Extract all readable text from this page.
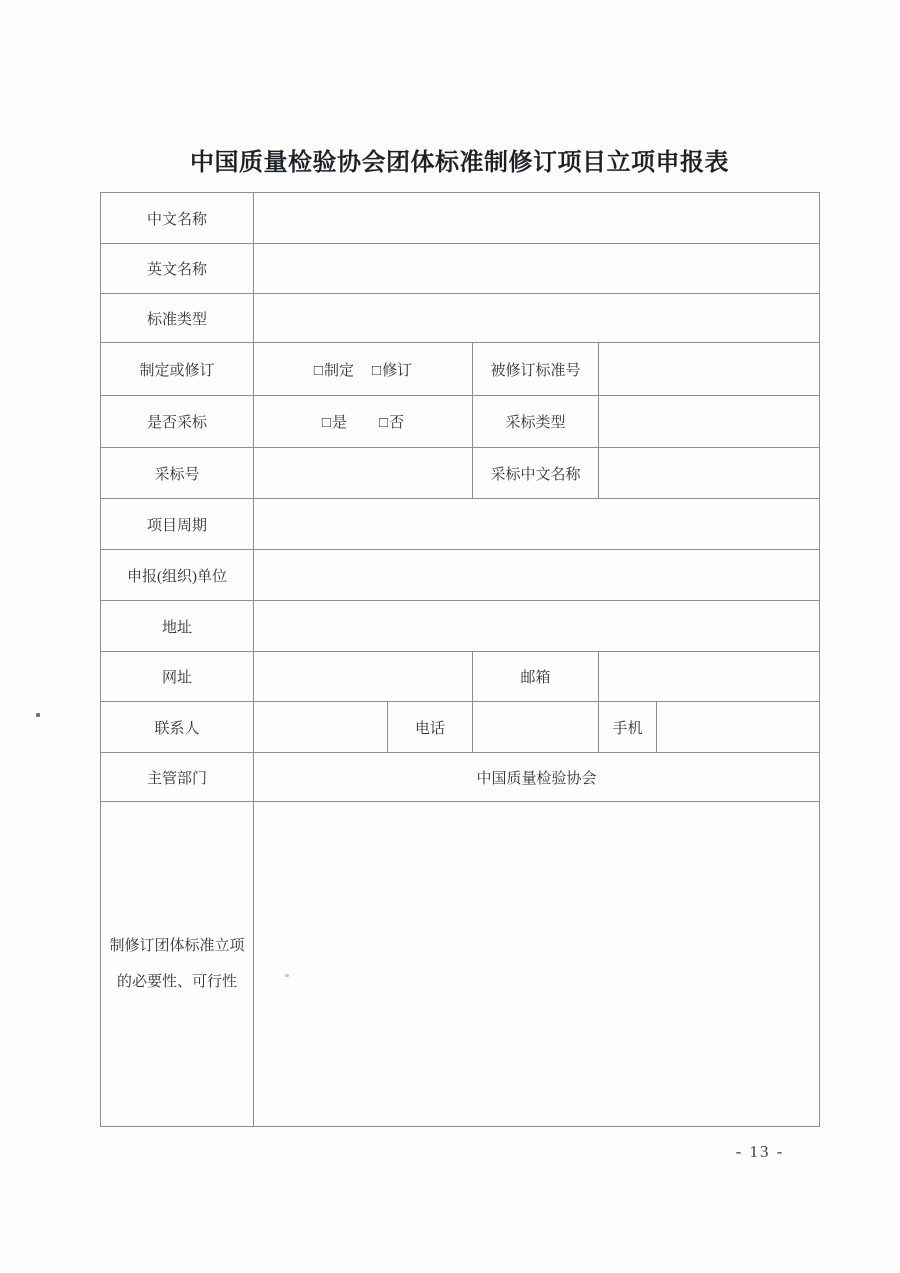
中国质量检验协会团体标准制修订项目立项申报表
中文名称					
英文名称					
标准类型					
制定或修订	□制定 □修订		被修订标准号		
是否采标	□是 □否		采标类型		
采标号			采标中文名称		
项目周期					
申报(组织)单位					
地址					
网址			邮箱		
联系人		电话		手机	
主管部门	中国质量检验协会				
制修订团体标准立项的必要性、可行性					
- 13 -
